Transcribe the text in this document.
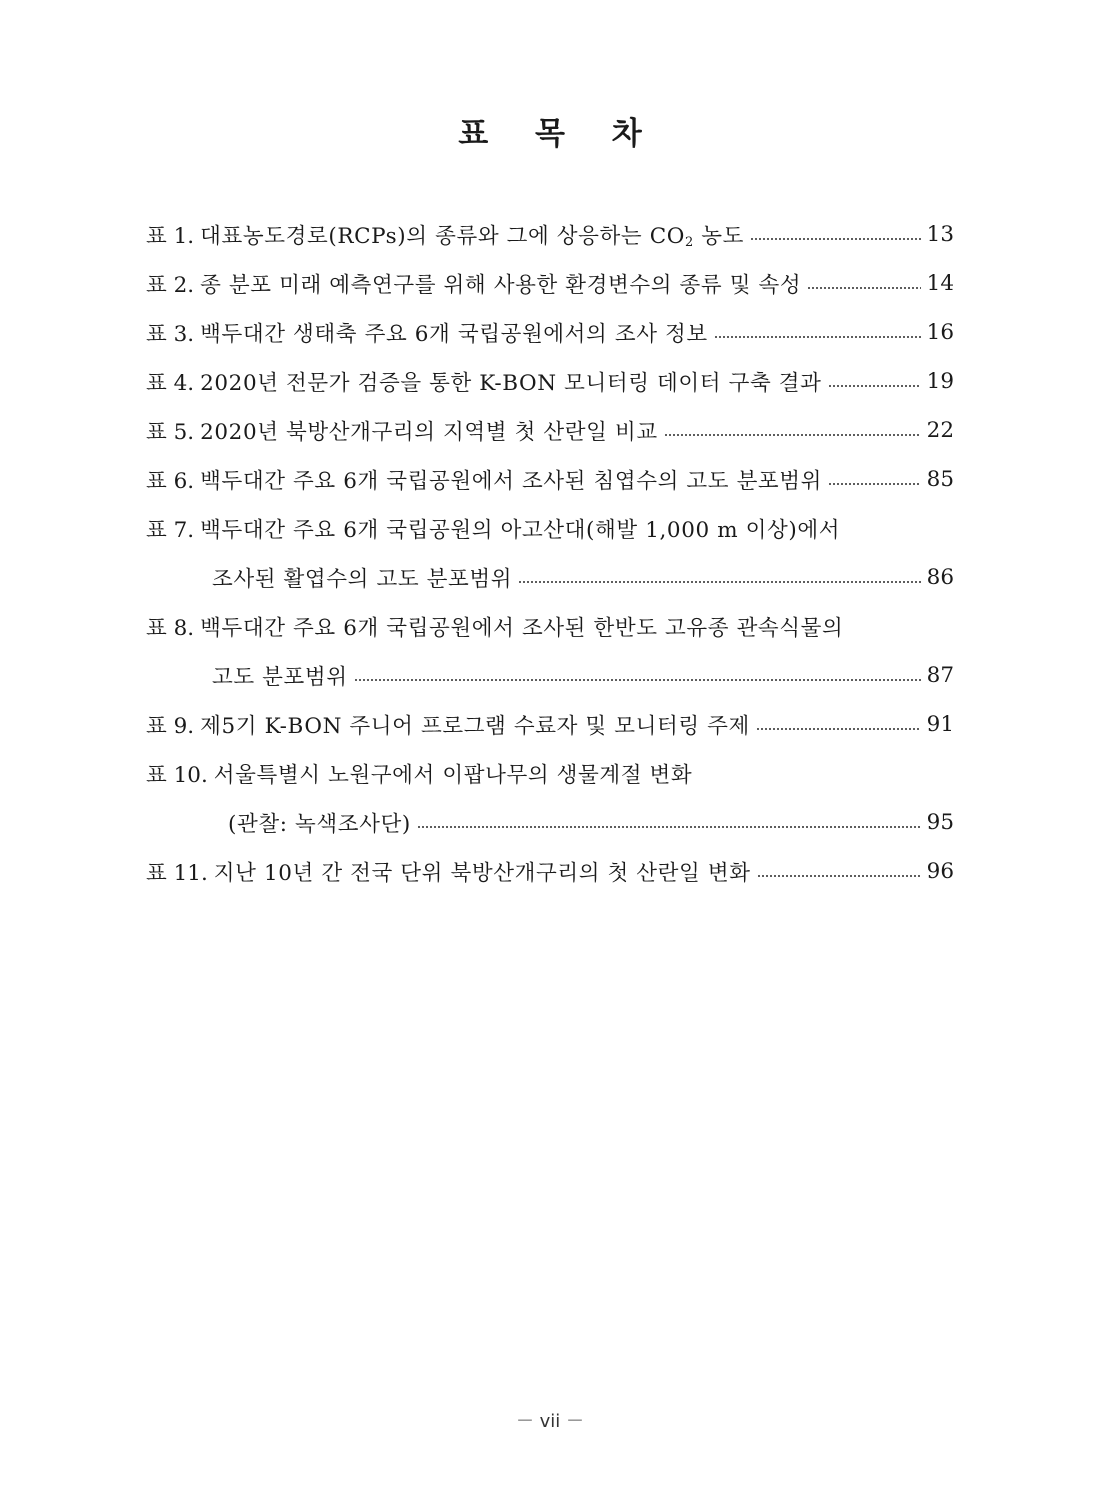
표 목 차
표 1. 대표농도경로(RCPs)의 종류와 그에 상응하는 $CO_2$ 농도	13
표 2. 종 분포 미래 예측연구를 위해 사용한 환경변수의 종류 및 속성	14
표 3. 백두대간 생태축 주요 6개 국립공원에서의 조사 정보	16
표 4. 2020년 전문가 검증을 통한 K-BON 모니터링 데이터 구축 결과	19
표 5. 2020년 북방산개구리의 지역별 첫 산란일 비교	22
표 6. 백두대간 주요 6개 국립공원에서 조사된 침엽수의 고도 분포범위	85
표 7. 백두대간 주요 6개 국립공원의 아고산대(해발 1,000 m 이상)에서
조사된 활엽수의 고도 분포범위	86
표 8. 백두대간 주요 6개 국립공원에서 조사된 한반도 고유종 관속식물의
고도 분포범위	87
표 9. 제5기 K-BON 주니어 프로그램 수료자 및 모니터링 주제	91
표 10. 서울특별시 노원구에서 이팝나무의 생물계절 변화
(관찰: 녹색조사단)	95
표 11. 지난 10년 간 전국 단위 북방산개구리의 첫 산란일 변화	96
－ vii －
